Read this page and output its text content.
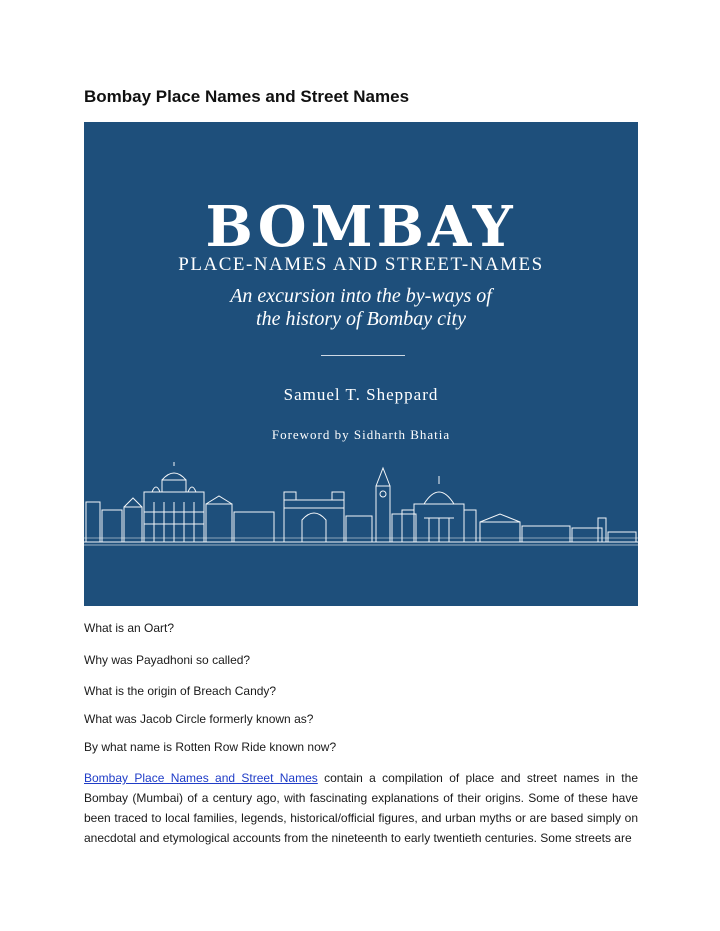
Bombay Place Names and Street Names
BOMBAY
PLACE-NAMES AND STREET-NAMES
An excursion into the by-ways of
the history of Bombay city
Samuel T. Sheppard
Foreword by Sidharth Bhatia
What is an Oart?
Why was Payadhoni so called?
What is the origin of Breach Candy?
What was Jacob Circle formerly known as?
By what name is Rotten Row Ride known now?
Bombay Place Names and Street Names contain a compilation of place and street names in the Bombay (Mumbai) of a century ago, with fascinating explanations of their origins. Some of these have been traced to local families, legends, historical/official figures, and urban myths or are based simply on anecdotal and etymological accounts from the nineteenth to early twentieth centuries. Some streets are
